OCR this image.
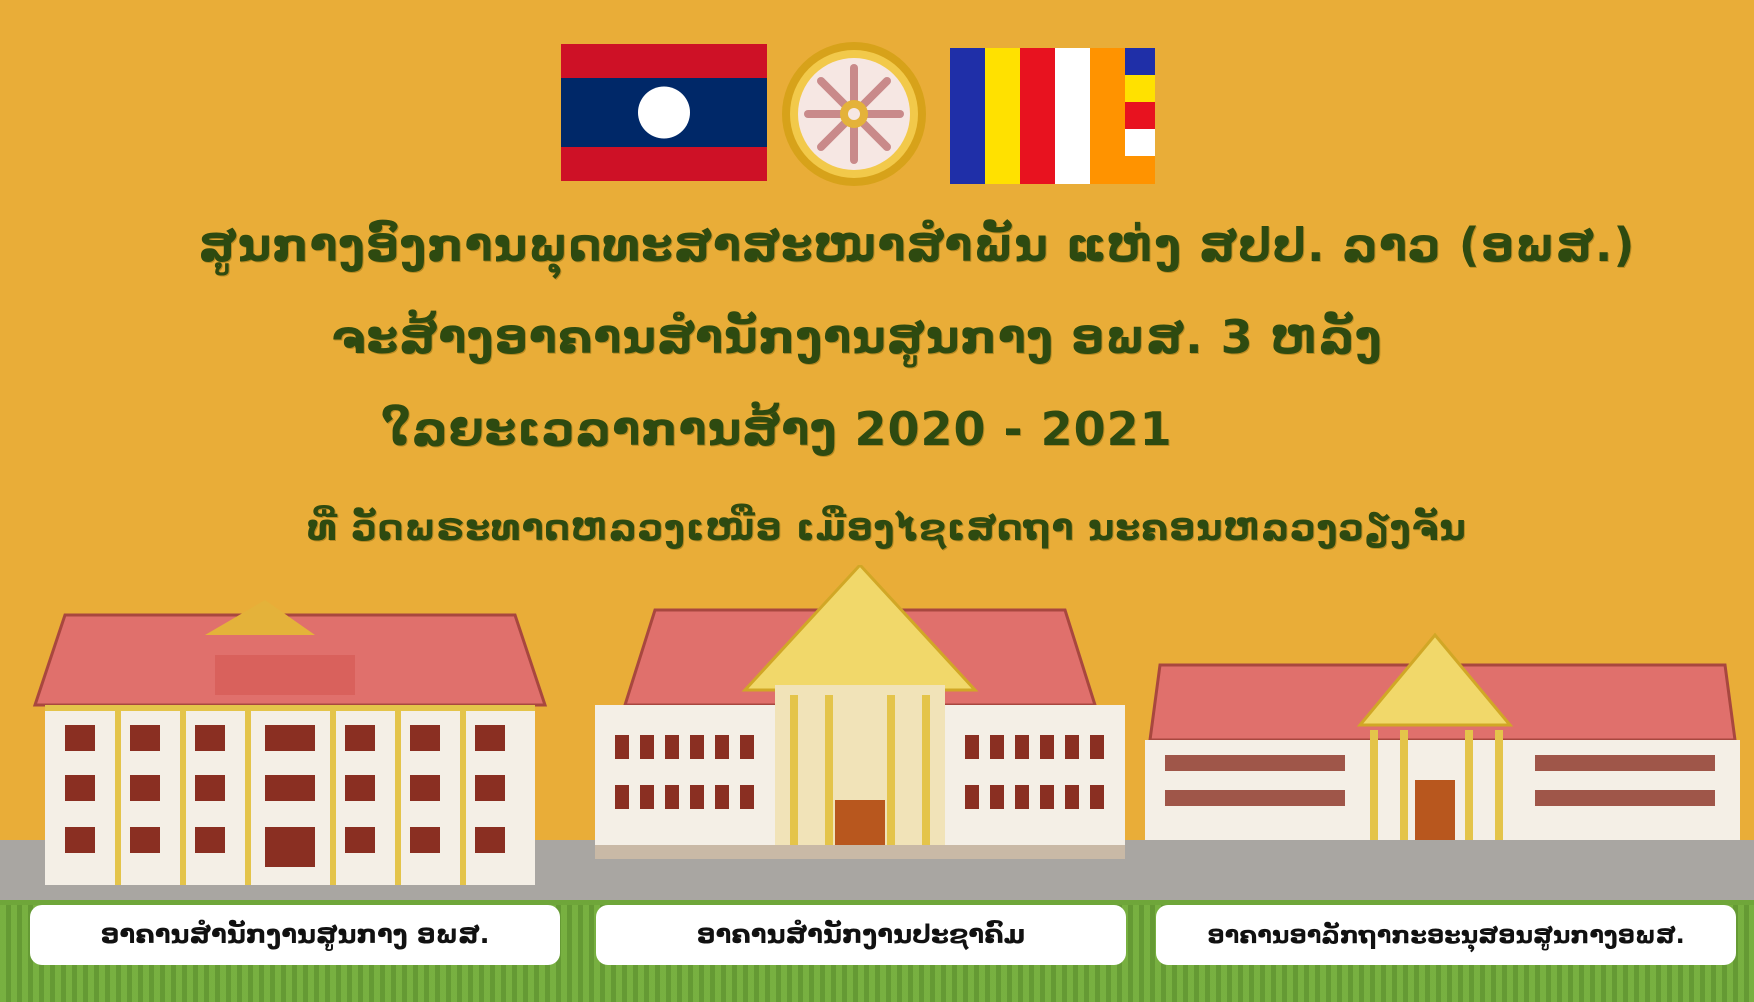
ສູນກາງອົງການພຸດທະສາສະໜາສຳພັນ ແຫ່ງ ສປປ. ລາວ (ອພສ.)
ຈະສ້າງອາຄານສຳນັກງານສູນກາງ ອພສ. 3 ຫລັງ
ໃລຍະເວລາການສ້າງ 2020 - 2021
ທີ່ ວັດພຣະທາດຫລວງເໜືອ ເມືອງໄຊເສດຖາ ນະຄອນຫລວງວຽງຈັນ
ອາຄານສຳນັກງານສູນກາງ ອພສ.	ອາຄານສຳນັກງານປະຊາຄົມ	ອາຄານອາລັກຖາກະອະນຸສອນສູນກາງອພສ.
